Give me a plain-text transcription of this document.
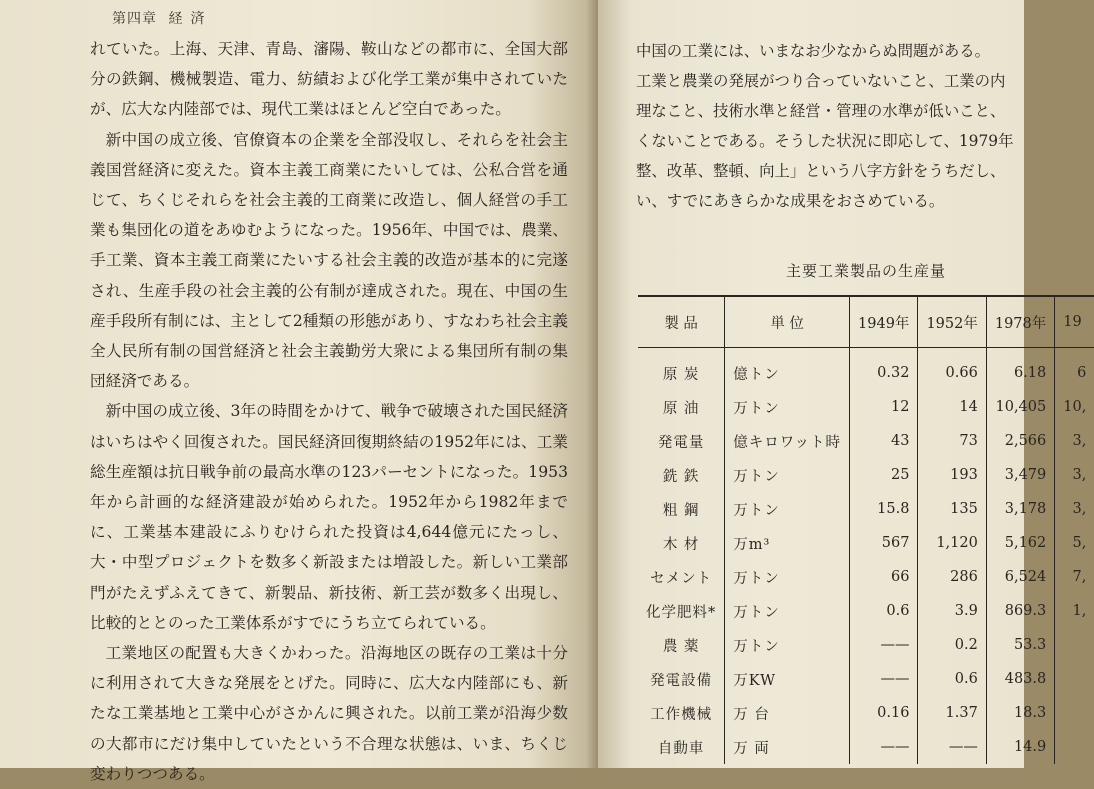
第四章 経済

れていた。上海、天津、青島、瀋陽、鞍山などの都市に、全国大部分の鉄鋼、機械製造、電力、紡績および化学工業が集中されていたが、広大な内陸部では、現代工業はほとんど空白であった。

新中国の成立後、官僚資本の企業を全部没収し、それらを社会主義国営経済に変えた。資本主義工商業にたいしては、公私合営を通じて、ちくじそれらを社会主義的工商業に改造し、個人経営の手工業も集団化の道をあゆむようになった。1956年、中国では、農業、手工業、資本主義工商業にたいする社会主義的改造が基本的に完遂され、生産手段の社会主義的公有制が達成された。現在、中国の生産手段所有制には、主として2種類の形態があり、すなわち社会主義全人民所有制の国営経済と社会主義勤労大衆による集団所有制の集団経済である。

新中国の成立後、3年の時間をかけて、戦争で破壊された国民経済はいちはやく回復された。国民経済回復期終結の1952年には、工業総生産額は抗日戦争前の最高水準の123パーセントになった。1953年から計画的な経済建設が始められた。1952年から1982年までに、工業基本建設にふりむけられた投資は4,644億元にたっし、大・中型プロジェクトを数多く新設または増設した。新しい工業部門がたえずふえてきて、新製品、新技術、新工芸が数多く出現し、比較的ととのった工業体系がすでにうち立てられている。

工業地区の配置も大きくかわった。沿海地区の既存の工業は十分に利用されて大きな発展をとげた。同時に、広大な内陸部にも、新たな工業基地と工業中心がさかんに興された。以前工業が沿海少数の大都市にだけ集中していたという不合理な状態は、いま、ちくじ変わりつつある。

中国の工業には、いまなお少なからぬ問題がある。

工業と農業の発展がつり合っていないこと、工業の内

理なこと、技術水準と経営・管理の水準が低いこと、

くないことである。そうした状況に即応して、1979年

整、改革、整頓、向上」という八字方針をうちだし、

い、すでにあきらかな成果をおさめている。

主要工業製品の生産量
製 品	単 位	1949年	1952年	1978年	19
原 炭	億トン	0.32	0.66	6.18	6
原 油	万トン	12	14	10,405	10,
発電量	億キロワット時	43	73	2,566	3,
銑 鉄	万トン	25	193	3,479	3,
粗 鋼	万トン	15.8	135	3,178	3,
木 材	万m³	567	1,120	5,162	5,
セメント	万トン	66	286	6,524	7,
化学肥料*	万トン	0.6	3.9	869.3	1,
農 薬	万トン	——	0.2	53.3	
発電設備	万KW	——	0.6	483.8	
工作機械	万 台	0.16	1.37	18.3	
自動車	万 両	——	——	14.9	
